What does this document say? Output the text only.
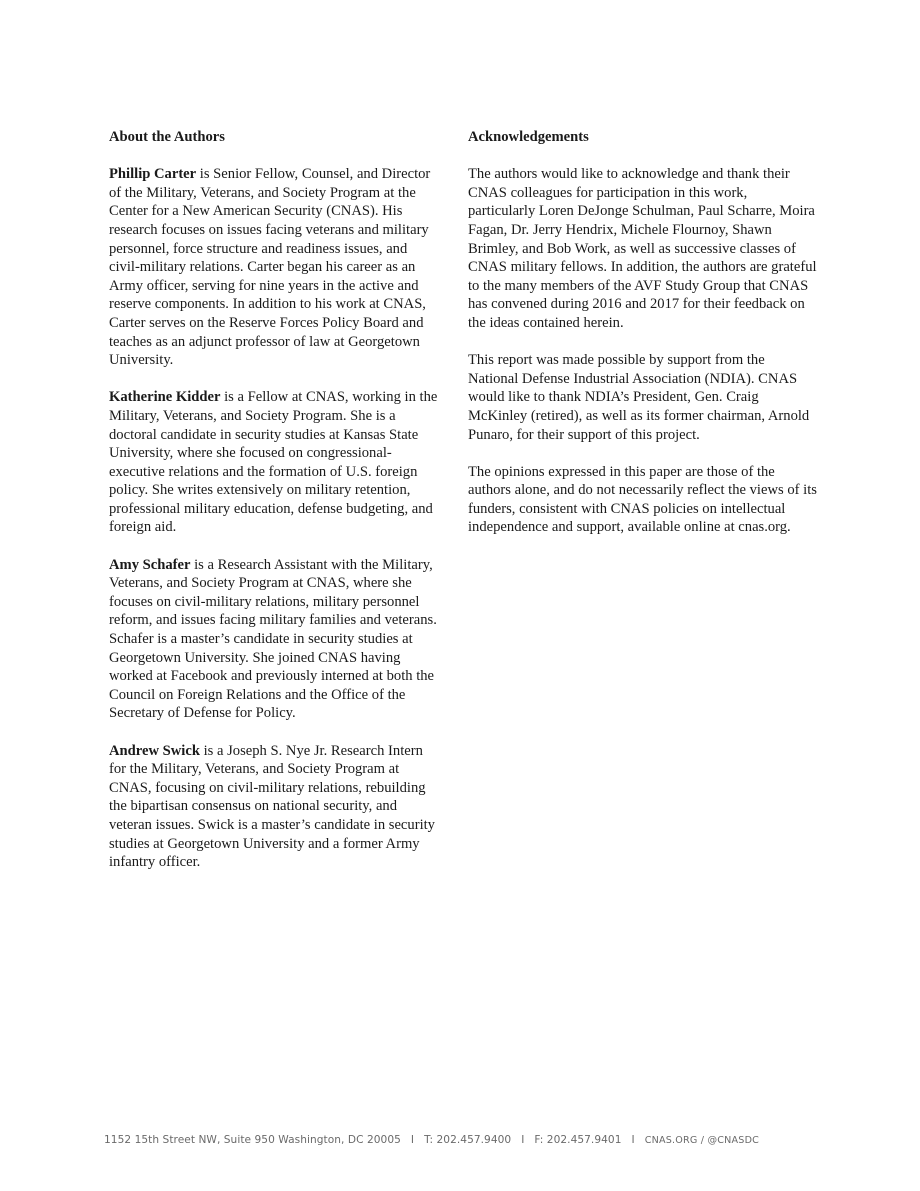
About the Authors
Phillip Carter is Senior Fellow, Counsel, and Director of the Military, Veterans, and Society Program at the Center for a New American Security (CNAS). His research focuses on issues facing veterans and military personnel, force structure and readiness issues, and civil-military relations. Carter began his career as an Army officer, serving for nine years in the active and reserve components. In addition to his work at CNAS, Carter serves on the Reserve Forces Policy Board and teaches as an adjunct professor of law at Georgetown University.
Katherine Kidder is a Fellow at CNAS, working in the Military, Veterans, and Society Program. She is a doctoral candidate in security studies at Kansas State University, where she focused on congressional-executive relations and the formation of U.S. foreign policy. She writes extensively on military retention, professional military education, defense budgeting, and foreign aid.
Amy Schafer is a Research Assistant with the Military, Veterans, and Society Program at CNAS, where she focuses on civil-military relations, military personnel reform, and issues facing military families and veterans. Schafer is a master’s candidate in security studies at Georgetown University. She joined CNAS having worked at Facebook and previously interned at both the Council on Foreign Relations and the Office of the Secretary of Defense for Policy.
Andrew Swick is a Joseph S. Nye Jr. Research Intern for the Military, Veterans, and Society Program at CNAS, focusing on civil-military relations, rebuilding the bipartisan consensus on national security, and veteran issues. Swick is a master’s candidate in security studies at Georgetown University and a former Army infantry officer.
Acknowledgements
The authors would like to acknowledge and thank their CNAS colleagues for participation in this work, particularly Loren DeJonge Schulman, Paul Scharre, Moira Fagan, Dr. Jerry Hendrix, Michele Flournoy, Shawn Brimley, and Bob Work, as well as successive classes of CNAS military fellows. In addition, the authors are grateful to the many members of the AVF Study Group that CNAS has convened during 2016 and 2017 for their feedback on the ideas contained herein.
This report was made possible by support from the National Defense Industrial Association (NDIA). CNAS would like to thank NDIA’s President, Gen. Craig McKinley (retired), as well as its former chairman, Arnold Punaro, for their support of this project.
The opinions expressed in this paper are those of the authors alone, and do not necessarily reflect the views of its funders, consistent with CNAS policies on intellectual independence and support, available online at cnas.org.
1152 15th Street NW, Suite 950 Washington, DC 20005 I T: 202.457.9400 I F: 202.457.9401 I CNAS.ORG / @CNASDC
